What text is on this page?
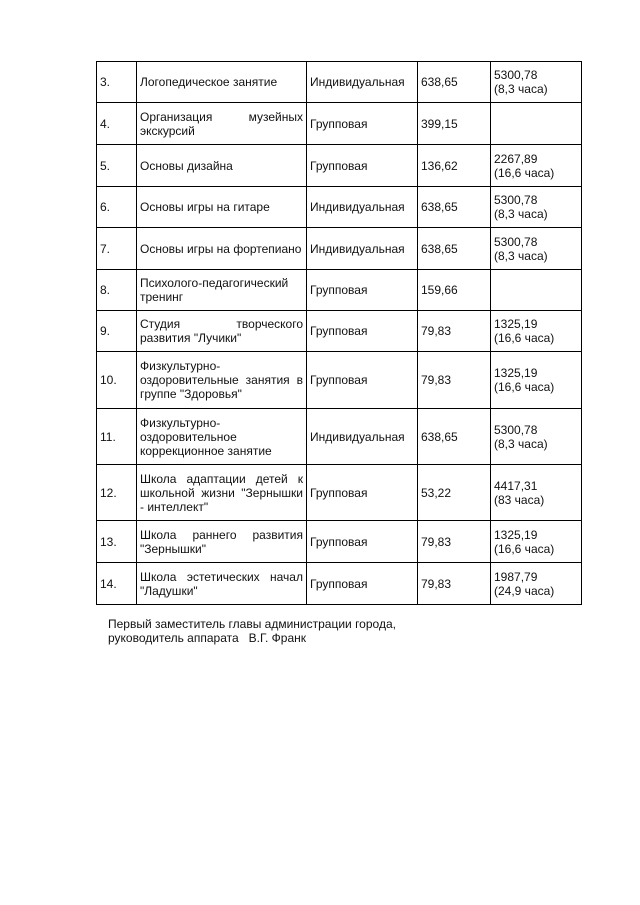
3.	Логопедическое занятие	Индивидуальная	638,65	5300,78
(8,3 часа)
4.	Организация музейных экскурсий	Групповая	399,15	
5.	Основы дизайна	Групповая	136,62	2267,89
(16,6 часа)
6.	Основы игры на гитаре	Индивидуальная	638,65	5300,78
(8,3 часа)
7.	Основы игры на фортепиано	Индивидуальная	638,65	5300,78
(8,3 часа)
8.	Психолого-педагогический тренинг	Групповая	159,66	
9.	Студия творческого развития "Лучики"	Групповая	79,83	1325,19
(16,6 часа)
10.	Физкультурно-оздоровительные занятия в группе "Здоровья"	Групповая	79,83	1325,19
(16,6 часа)
11.	Физкультурно-оздоровительное коррекционное занятие	Индивидуальная	638,65	5300,78
(8,3 часа)
12.	Школа адаптации детей к школьной жизни "Зернышки - интеллект"	Групповая	53,22	4417,31
(83 часа)
13.	Школа раннего развития "Зернышки"	Групповая	79,83	1325,19
(16,6 часа)
14.	Школа эстетических начал "Ладушки"	Групповая	79,83	1987,79
(24,9 часа)
Первый заместитель главы администрации города,
руководитель аппарата   В.Г. Франк
